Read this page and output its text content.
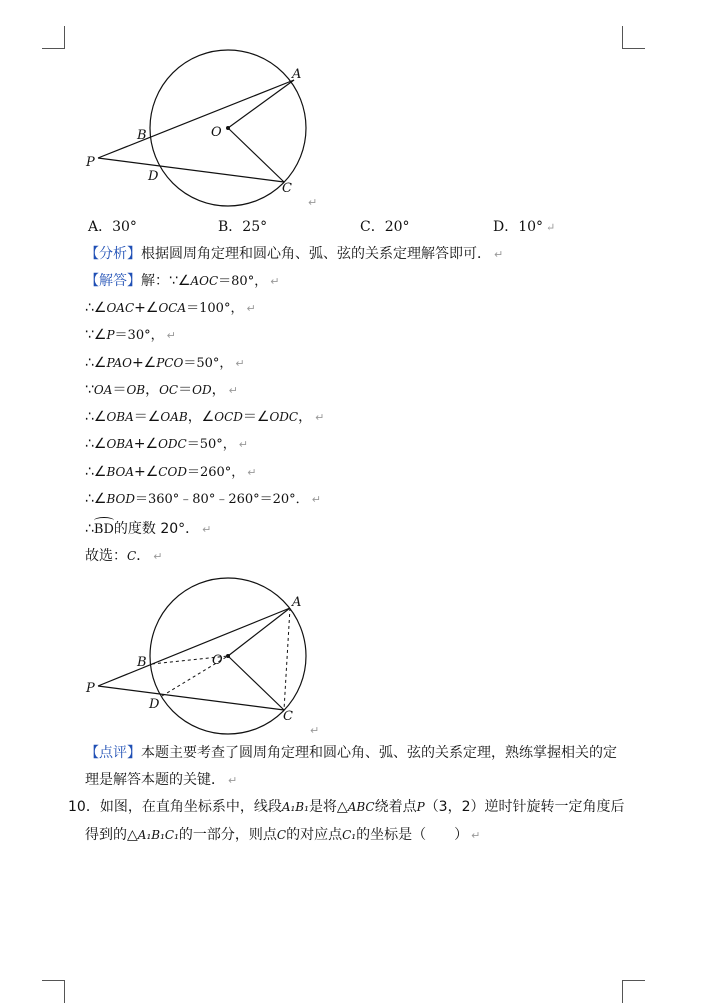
A
B	O
P
D
C
↵
A．30°	B．25°	C．20°	D．10° ↵
【分析】根据圆周角定理和圆心角、弧、弦的关系定理解答即可． ↵
【解答】解：∵∠AOC＝80°， ↵
∴∠OAC+∠OCA＝100°， ↵
∵∠P＝30°， ↵
∴∠PAO+∠PCO＝50°， ↵
∵OA＝OB，OC＝OD， ↵
∴∠OBA＝∠OAB，∠OCD＝∠ODC， ↵
∴∠OBA+∠ODC＝50°， ↵
∴∠BOA+∠COD＝260°， ↵
∴∠BOD＝360°﹣80°﹣260°＝20°． ↵
∴BD的度数 20°． ↵
故选：C． ↵
A
B	O
P
D
C
↵
【点评】本题主要考查了圆周角定理和圆心角、弧、弦的关系定理，熟练掌握相关的定
理是解答本题的关键． ↵
10．如图，在直角坐标系中，线段A₁B₁是将△ABC绕着点P（3，2）逆时针旋转一定角度后
得到的△A₁B₁C₁的一部分，则点C的对应点C₁的坐标是（　　） ↵
